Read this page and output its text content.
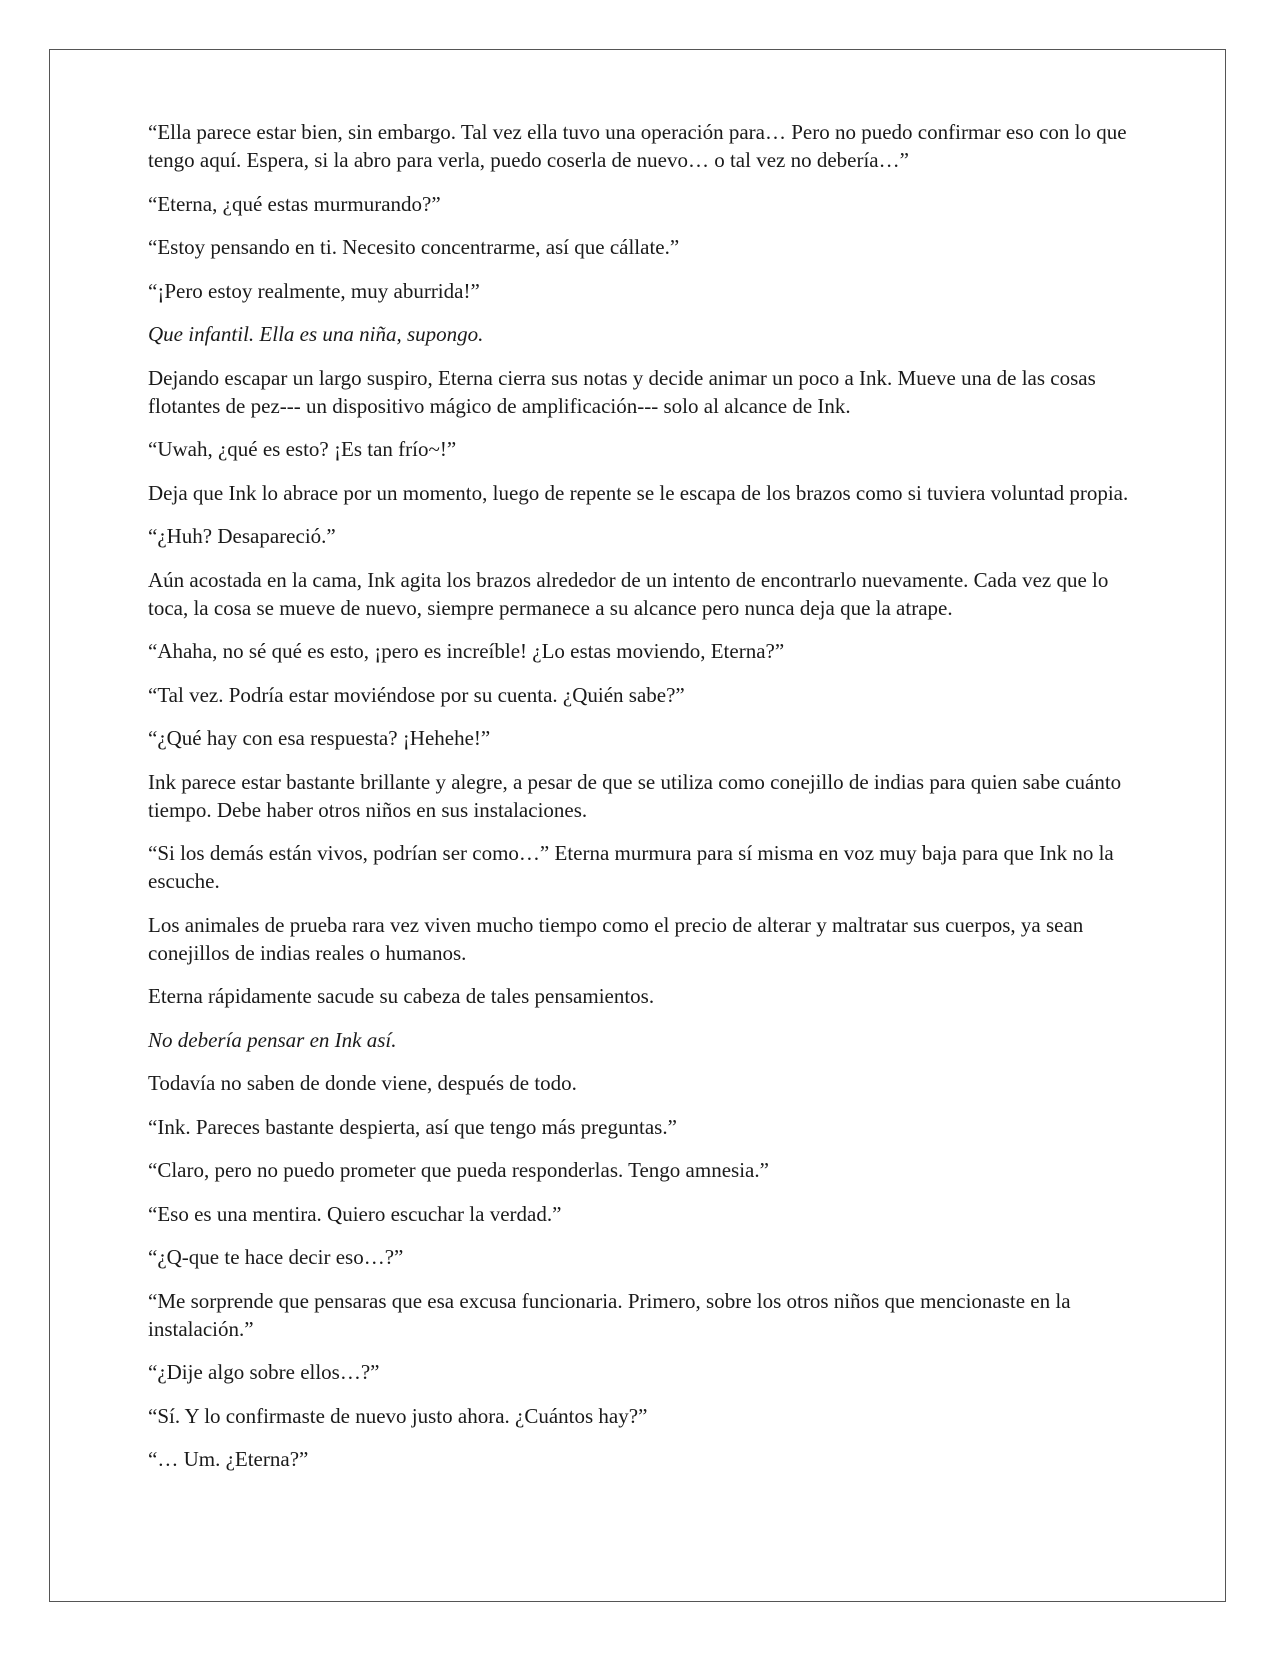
“Ella parece estar bien, sin embargo. Tal vez ella tuvo una operación para… Pero no puedo confirmar eso con lo que tengo aquí. Espera, si la abro para verla, puedo coserla de nuevo… o tal vez no debería…”

“Eterna, ¿qué estas murmurando?”

“Estoy pensando en ti. Necesito concentrarme, así que cállate.”

“¡Pero estoy realmente, muy aburrida!”

Que infantil. Ella es una niña, supongo.

Dejando escapar un largo suspiro, Eterna cierra sus notas y decide animar un poco a Ink. Mueve una de las cosas flotantes de pez--- un dispositivo mágico de amplificación--- solo al alcance de Ink.

“Uwah, ¿qué es esto? ¡Es tan frío~!”

Deja que Ink lo abrace por un momento, luego de repente se le escapa de los brazos como si tuviera voluntad propia.

“¿Huh? Desapareció.”

Aún acostada en la cama, Ink agita los brazos alrededor de un intento de encontrarlo nuevamente. Cada vez que lo toca, la cosa se mueve de nuevo, siempre permanece a su alcance pero nunca deja que la atrape.

“Ahaha, no sé qué es esto, ¡pero es increíble! ¿Lo estas moviendo, Eterna?”

“Tal vez. Podría estar moviéndose por su cuenta. ¿Quién sabe?”

“¿Qué hay con esa respuesta? ¡Hehehe!”

Ink parece estar bastante brillante y alegre, a pesar de que se utiliza como conejillo de indias para quien sabe cuánto tiempo. Debe haber otros niños en sus instalaciones.

“Si los demás están vivos, podrían ser como…” Eterna murmura para sí misma en voz muy baja para que Ink no la escuche.

Los animales de prueba rara vez viven mucho tiempo como el precio de alterar y maltratar sus cuerpos, ya sean conejillos de indias reales o humanos.

Eterna rápidamente sacude su cabeza de tales pensamientos.

No debería pensar en Ink así.

Todavía no saben de donde viene, después de todo.

“Ink. Pareces bastante despierta, así que tengo más preguntas.”

“Claro, pero no puedo prometer que pueda responderlas. Tengo amnesia.”

“Eso es una mentira. Quiero escuchar la verdad.”

“¿Q-que te hace decir eso…?”

“Me sorprende que pensaras que esa excusa funcionaria. Primero, sobre los otros niños que mencionaste en la instalación.”

“¿Dije algo sobre ellos…?”

“Sí. Y lo confirmaste de nuevo justo ahora. ¿Cuántos hay?”

“… Um. ¿Eterna?”
